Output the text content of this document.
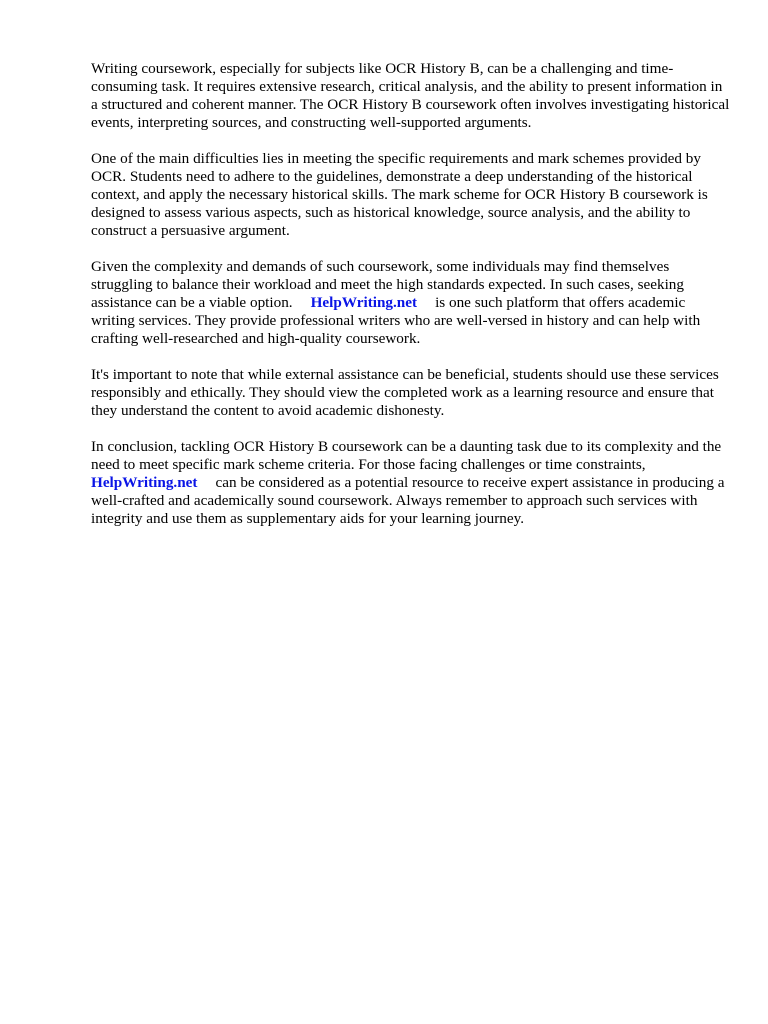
Writing coursework, especially for subjects like OCR History B, can be a challenging and time-consuming task. It requires extensive research, critical analysis, and the ability to present information in a structured and coherent manner. The OCR History B coursework often involves investigating historical events, interpreting sources, and constructing well-supported arguments.

One of the main difficulties lies in meeting the specific requirements and mark schemes provided by OCR. Students need to adhere to the guidelines, demonstrate a deep understanding of the historical context, and apply the necessary historical skills. The mark scheme for OCR History B coursework is designed to assess various aspects, such as historical knowledge, source analysis, and the ability to construct a persuasive argument.

Given the complexity and demands of such coursework, some individuals may find themselves struggling to balance their workload and meet the high standards expected. In such cases, seeking assistance can be a viable option. HelpWriting.net is one such platform that offers academic writing services. They provide professional writers who are well-versed in history and can help with crafting well-researched and high-quality coursework.

It's important to note that while external assistance can be beneficial, students should use these services responsibly and ethically. They should view the completed work as a learning resource and ensure that they understand the content to avoid academic dishonesty.

In conclusion, tackling OCR History B coursework can be a daunting task due to its complexity and the need to meet specific mark scheme criteria. For those facing challenges or time constraints, HelpWriting.net can be considered as a potential resource to receive expert assistance in producing a well-crafted and academically sound coursework. Always remember to approach such services with integrity and use them as supplementary aids for your learning journey.
